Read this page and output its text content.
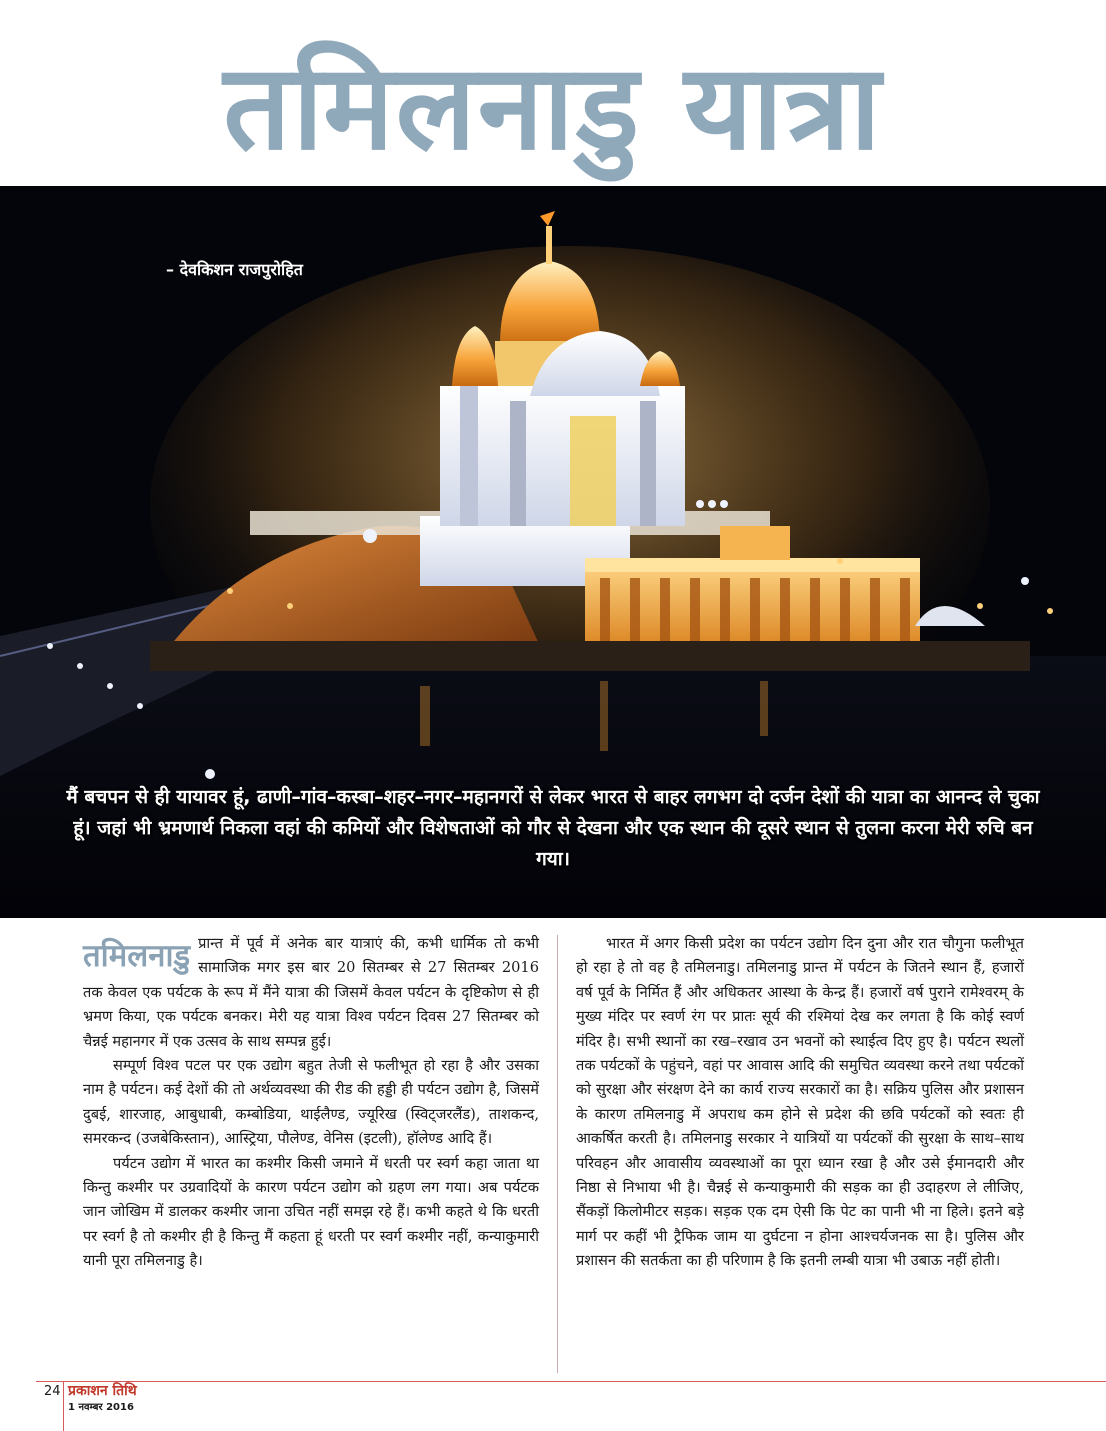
तमिलनाडु यात्रा
– देवकिशन राजपुरोहित
मैं बचपन से ही यायावर हूं, ढाणी–गांव–कस्बा–शहर–नगर–महानगरों से लेकर भारत से बाहर लगभग दो दर्जन देशों की यात्रा का आनन्द ले चुका हूं। जहां भी भ्रमणार्थ निकला वहां की कमियों और विशेषताओं को गौर से देखना और एक स्थान की दूसरे स्थान से तुलना करना मेरी रुचि बन गया।

तमिलनाडु प्रान्त में पूर्व में अनेक बार यात्राएं की, कभी धार्मिक तो कभी सामाजिक मगर इस बार 20 सितम्बर से 27 सितम्बर 2016 तक केवल एक पर्यटक के रूप में मैंने यात्रा की जिसमें केवल पर्यटन के दृष्टिकोण से ही भ्रमण किया, एक पर्यटक बनकर। मेरी यह यात्रा विश्व पर्यटन दिवस 27 सितम्बर को चैन्नई महानगर में एक उत्सव के साथ सम्पन्न हुई।

सम्पूर्ण विश्व पटल पर एक उद्योग बहुत तेजी से फलीभूत हो रहा है और उसका नाम है पर्यटन। कई देशों की तो अर्थव्यवस्था की रीड की हड्डी ही पर्यटन उद्योग है, जिसमें दुबई, शारजाह, आबुधाबी, कम्बोडिया, थाईलैण्ड, ज्यूरिख (स्विट्जरलैंड), ताशकन्द, समरकन्द (उजबेकिस्तान), आस्ट्रिया, पौलेण्ड, वेनिस (इटली), हॉलेण्ड आदि हैं।

पर्यटन उद्योग में भारत का कश्मीर किसी जमाने में धरती पर स्वर्ग कहा जाता था किन्तु कश्मीर पर उग्रवादियों के कारण पर्यटन उद्योग को ग्रहण लग गया। अब पर्यटक जान जोखिम में डालकर कश्मीर जाना उचित नहीं समझ रहे हैं। कभी कहते थे कि धरती पर स्वर्ग है तो कश्मीर ही है किन्तु मैं कहता हूं धरती पर स्वर्ग कश्मीर नहीं, कन्याकुमारी यानी पूरा तमिलनाडु है।

भारत में अगर किसी प्रदेश का पर्यटन उद्योग दिन दुना और रात चौगुना फलीभूत हो रहा हे तो वह है तमिलनाडु। तमिलनाडु प्रान्त में पर्यटन के जितने स्थान हैं, हजारों वर्ष पूर्व के निर्मित हैं और अधिकतर आस्था के केन्द्र हैं। हजारों वर्ष पुराने रामेश्वरम् के मुख्य मंदिर पर स्वर्ण रंग पर प्रातः सूर्य की रश्मियां देख कर लगता है कि कोई स्वर्ण मंदिर है। सभी स्थानों का रख–रखाव उन भवनों को स्थाईत्व दिए हुए है। पर्यटन स्थलों तक पर्यटकों के पहुंचने, वहां पर आवास आदि की समुचित व्यवस्था करने तथा पर्यटकों को सुरक्षा और संरक्षण देने का कार्य राज्य सरकारों का है। सक्रिय पुलिस और प्रशासन के कारण तमिलनाडु में अपराध कम होने से प्रदेश की छवि पर्यटकों को स्वतः ही आकर्षित करती है। तमिलनाडु सरकार ने यात्रियों या पर्यटकों की सुरक्षा के साथ–साथ परिवहन और आवासीय व्यवस्थाओं का पूरा ध्यान रखा है और उसे ईमानदारी और निष्ठा से निभाया भी है। चैन्नई से कन्याकुमारी की सड़क का ही उदाहरण ले लीजिए, सैंकड़ों किलोमीटर सड़क। सड़क एक दम ऐसी कि पेट का पानी भी ना हिले। इतने बड़े मार्ग पर कहीं भी ट्रैफिक जाम या दुर्घटना न होना आश्चर्यजनक सा है। पुलिस और प्रशासन की सतर्कता का ही परिणाम है कि इतनी लम्बी यात्रा भी उबाऊ नहीं होती।

24 प्रकाशन तिथि
1 नवम्बर 2016
